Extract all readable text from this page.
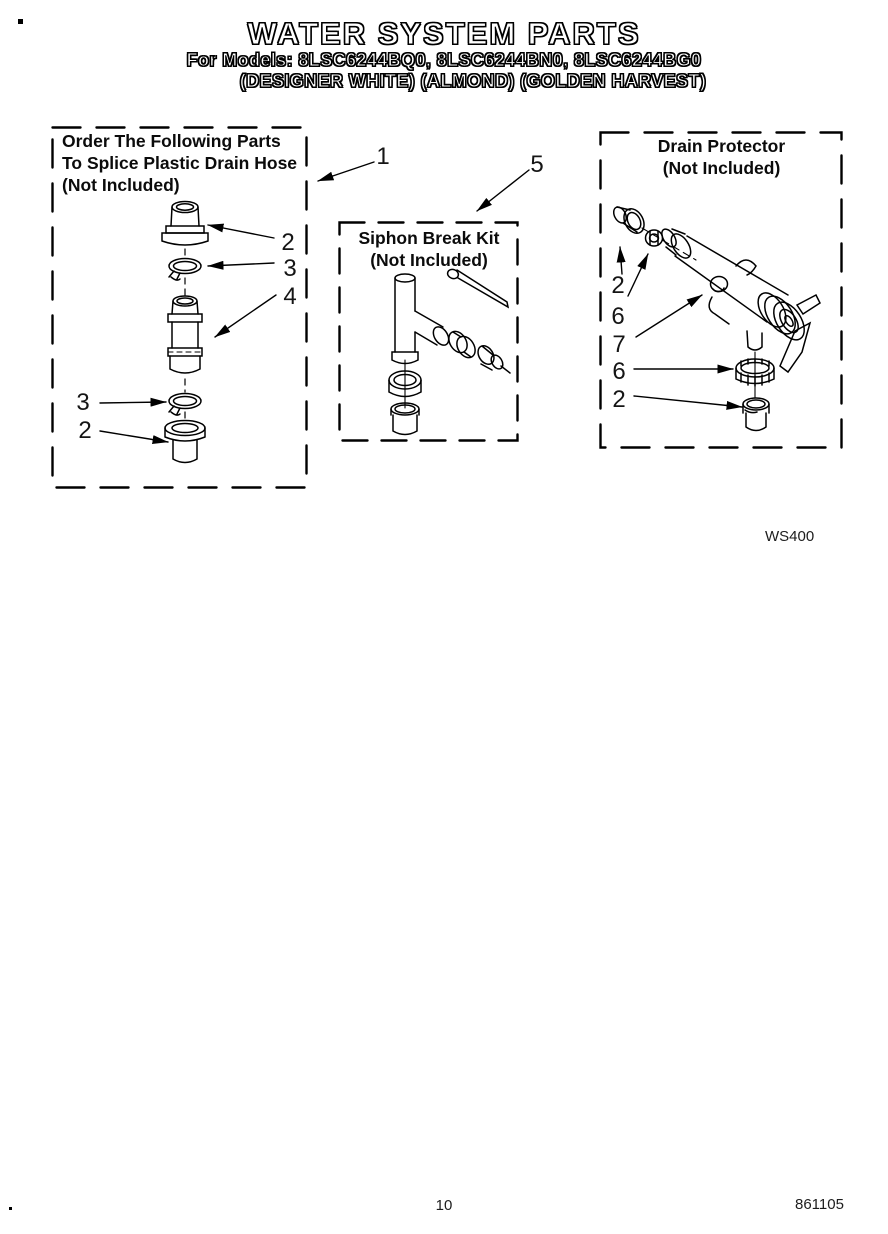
WATER SYSTEM PARTS
For Models: 8LSC6244BQ0, 8LSC6244BN0, 8LSC6244BG0
(DESIGNER WHITE) (ALMOND) (GOLDEN HARVEST)
Order The Following Parts
To Splice Plastic Drain Hose
(Not Included)
Siphon Break Kit
(Not Included)
Drain Protector
(Not Included)
1	5
2
3
4
3
2
2
6
7
6
2
WS400
10	861105
